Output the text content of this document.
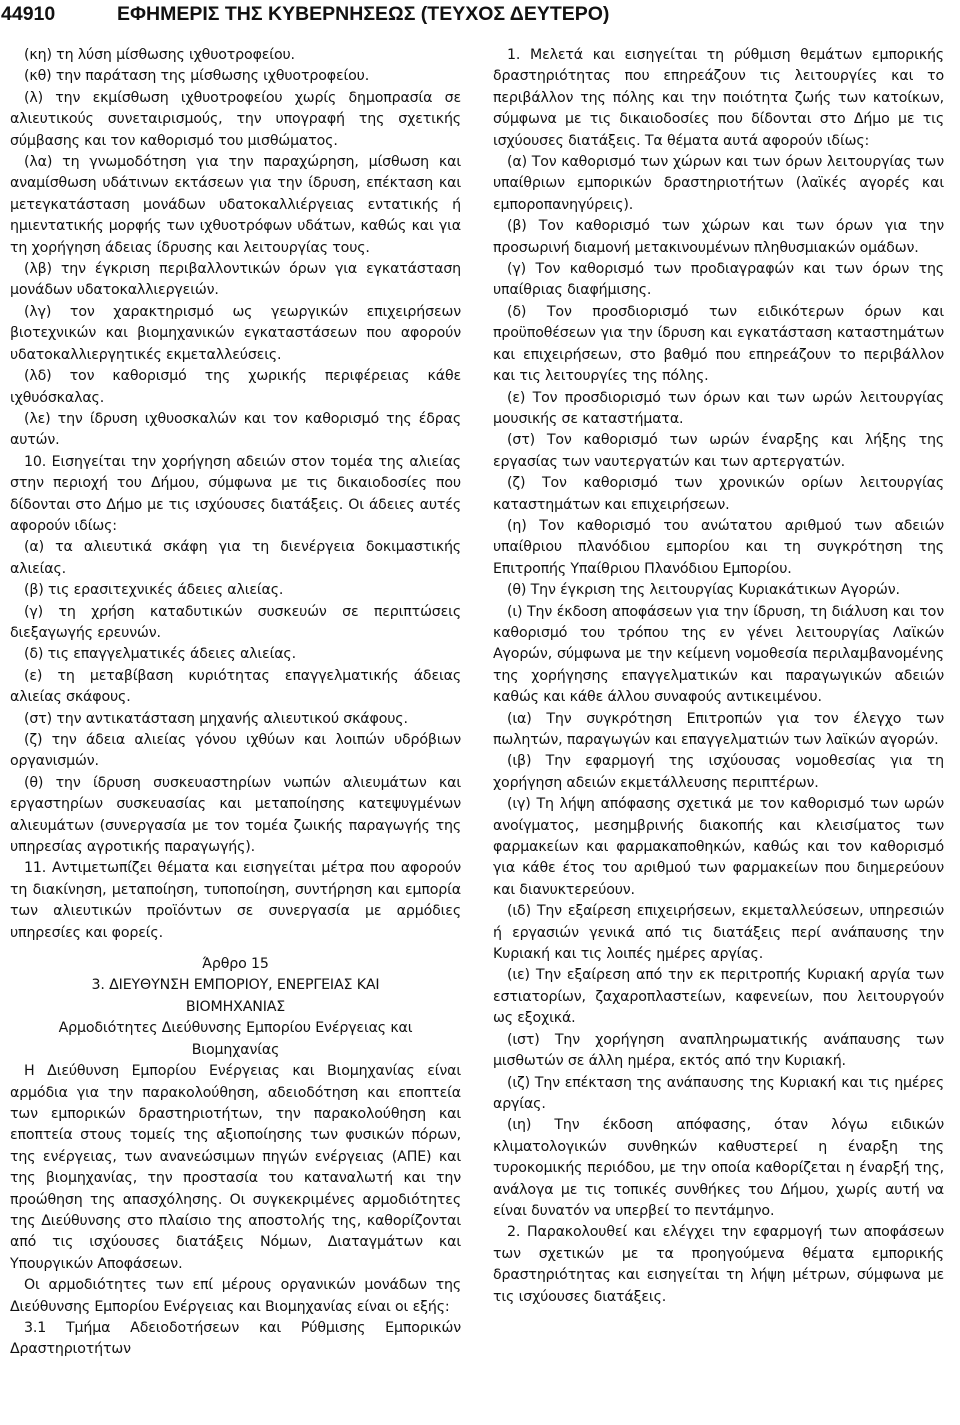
44910	ΕΦΗΜΕΡΙΣ ΤΗΣ ΚΥΒΕΡΝΗΣΕΩΣ (ΤΕΥΧΟΣ ΔΕΥΤΕΡΟ)

(κη) τη λύση μίσθωσης ιχθυοτροφείου.

(κθ) την παράταση της μίσθωσης ιχθυοτροφείου.

(λ) την εκμίσθωση ιχθυοτροφείου χωρίς δημοπρασία σε αλιευτικούς συνεταιρισμούς, την υπογραφή της σχετικής σύμβασης και τον καθορισμό του μισθώματος.

(λα) τη γνωμοδότηση για την παραχώρηση, μίσθωση και αναμίσθωση υδάτινων εκτάσεων για την ίδρυση, επέκταση και μετεγκατάσταση μονάδων υδατοκαλλιέργειας εντατικής ή ημιεντατικής μορφής των ιχθυοτρόφων υδάτων, καθώς και για τη χορήγηση άδειας ίδρυσης και λειτουργίας τους.

(λβ) την έγκριση περιβαλλοντικών όρων για εγκατάσταση μονάδων υδατοκαλλιεργειών.

(λγ) τον χαρακτηρισμό ως γεωργικών επιχειρήσεων βιοτεχνικών και βιομηχανικών εγκαταστάσεων που αφορούν υδατοκαλλιεργητικές εκμεταλλεύσεις.

(λδ) τον καθορισμό της χωρικής περιφέρειας κάθε ιχθυόσκαλας.

(λε) την ίδρυση ιχθυοσκαλών και τον καθορισμό της έδρας αυτών.

10. Εισηγείται την χορήγηση αδειών στον τομέα της αλιείας στην περιοχή του Δήμου, σύμφωνα με τις δικαιοδοσίες που δίδονται στο Δήμο με τις ισχύουσες διατάξεις. Οι άδειες αυτές αφορούν ιδίως:

(α) τα αλιευτικά σκάφη για τη διενέργεια δοκιμαστικής αλιείας.

(β) τις ερασιτεχνικές άδειες αλιείας.

(γ) τη χρήση καταδυτικών συσκευών σε περιπτώσεις διεξαγωγής ερευνών.

(δ) τις επαγγελματικές άδειες αλιείας.

(ε) τη μεταβίβαση κυριότητας επαγγελματικής άδειας αλιείας σκάφους.

(στ) την αντικατάσταση μηχανής αλιευτικού σκάφους.

(ζ) την άδεια αλιείας γόνου ιχθύων και λοιπών υδρόβιων οργανισμών.

(θ) την ίδρυση συσκευαστηρίων νωπών αλιευμάτων και εργαστηρίων συσκευασίας και μεταποίησης κατεψυγμένων αλιευμάτων (συνεργασία με τον τομέα ζωικής παραγωγής της υπηρεσίας αγροτικής παραγωγής).

11. Αντιμετωπίζει θέματα και εισηγείται μέτρα που αφορούν τη διακίνηση, μεταποίηση, τυποποίηση, συντήρηση και εμπορία των αλιευτικών προϊόντων σε συνεργασία με αρμόδιες υπηρεσίες και φορείς.

Άρθρο 15

3. ΔΙΕΥΘΥΝΣΗ ΕΜΠΟΡΙΟΥ, ΕΝΕΡΓΕΙΑΣ ΚΑΙ

ΒΙΟΜΗΧΑΝΙΑΣ

Αρμοδιότητες Διεύθυνσης Εμπορίου Ενέργειας και

Βιομηχανίας

Η Διεύθυνση Εμπορίου Ενέργειας και Βιομηχανίας είναι αρμόδια για την παρακολούθηση, αδειοδότηση και εποπτεία των εμπορικών δραστηριοτήτων, την παρακολούθηση και εποπτεία στους τομείς της αξιοποίησης των φυσικών πόρων, της ενέργειας, των ανανεώσιμων πηγών ενέργειας (ΑΠΕ) και της βιομηχανίας, την προστασία του καταναλωτή και την προώθηση της απασχόλησης. Οι συγκεκριμένες αρμοδιότητες της Διεύθυνσης στο πλαίσιο της αποστολής της, καθορίζονται από τις ισχύουσες διατάξεις Νόμων, Διαταγμάτων και Υπουργικών Αποφάσεων.

Οι αρμοδιότητες των επί μέρους οργανικών μονάδων της Διεύθυνσης Εμπορίου Ενέργειας και Βιομηχανίας είναι οι εξής:

3.1 Τμήμα Αδειοδοτήσεων και Ρύθμισης Εμπορικών Δραστηριοτήτων

1. Μελετά και εισηγείται τη ρύθμιση θεμάτων εμπορικής δραστηριότητας που επηρεάζουν τις λειτουργίες και το περιβάλλον της πόλης και την ποιότητα ζωής των κατοίκων, σύμφωνα με τις δικαιοδοσίες που δίδονται στο Δήμο με τις ισχύουσες διατάξεις. Τα θέματα αυτά αφορούν ιδίως:

(α) Τον καθορισμό των χώρων και των όρων λειτουργίας των υπαίθριων εμπορικών δραστηριοτήτων (λαϊκές αγορές και εμποροπανηγύρεις).

(β) Τον καθορισμό των χώρων και των όρων για την προσωρινή διαμονή μετακινουμένων πληθυσμιακών ομάδων.

(γ) Τον καθορισμό των προδιαγραφών και των όρων της υπαίθριας διαφήμισης.

(δ) Τον προσδιορισμό των ειδικότερων όρων και προϋποθέσεων για την ίδρυση και εγκατάσταση καταστημάτων και επιχειρήσεων, στο βαθμό που επηρεάζουν το περιβάλλον και τις λειτουργίες της πόλης.

(ε) Τον προσδιορισμό των όρων και των ωρών λειτουργίας μουσικής σε καταστήματα.

(στ) Τον καθορισμό των ωρών έναρξης και λήξης της εργασίας των ναυτεργατών και των αρτεργατών.

(ζ) Τον καθορισμό των χρονικών ορίων λειτουργίας καταστημάτων και επιχειρήσεων.

(η) Τον καθορισμό του ανώτατου αριθμού των αδειών υπαίθριου πλανόδιου εμπορίου και τη συγκρότηση της Επιτροπής Υπαίθριου Πλανόδιου Εμπορίου.

(θ) Την έγκριση της λειτουργίας Κυριακάτικων Αγορών.

(ι) Την έκδοση αποφάσεων για την ίδρυση, τη διάλυση και τον καθορισμό του τρόπου της εν γένει λειτουργίας Λαϊκών Αγορών, σύμφωνα με την κείμενη νομοθεσία περιλαμβανομένης της χορήγησης επαγγελματικών και παραγωγικών αδειών καθώς και κάθε άλλου συναφούς αντικειμένου.

(ια) Την συγκρότηση Επιτροπών για τον έλεγχο των πωλητών, παραγωγών και επαγγελματιών των λαϊκών αγορών.

(ιβ) Την εφαρμογή της ισχύουσας νομοθεσίας για τη χορήγηση αδειών εκμετάλλευσης περιπτέρων.

(ιγ) Τη λήψη απόφασης σχετικά με τον καθορισμό των ωρών ανοίγματος, μεσημβρινής διακοπής και κλεισίματος των φαρμακείων και φαρμακαποθηκών, καθώς και τον καθορισμό για κάθε έτος του αριθμού των φαρμακείων που διημερεύουν και διανυκτερεύουν.

(ιδ) Την εξαίρεση επιχειρήσεων, εκμεταλλεύσεων, υπηρεσιών ή εργασιών γενικά από τις διατάξεις περί ανάπαυσης την Κυριακή και τις λοιπές ημέρες αργίας.

(ιε) Την εξαίρεση από την εκ περιτροπής Κυριακή αργία των εστιατορίων, ζαχαροπλαστείων, καφενείων, που λειτουργούν ως εξοχικά.

(ιστ) Την χορήγηση αναπληρωματικής ανάπαυσης των μισθωτών σε άλλη ημέρα, εκτός από την Κυριακή.

(ιζ) Την επέκταση της ανάπαυσης της Κυριακή και τις ημέρες αργίας.

(ιη) Την έκδοση απόφασης, όταν λόγω ειδικών κλιματολογικών συνθηκών καθυστερεί η έναρξη της τυροκομικής περιόδου, με την οποία καθορίζεται η έναρξή της, ανάλογα με τις τοπικές συνθήκες του Δήμου, χωρίς αυτή να είναι δυνατόν να υπερβεί το πεντάμηνο.

2. Παρακολουθεί και ελέγχει την εφαρμογή των αποφάσεων των σχετικών με τα προηγούμενα θέματα εμπορικής δραστηριότητας και εισηγείται τη λήψη μέτρων, σύμφωνα με τις ισχύουσες διατάξεις.
